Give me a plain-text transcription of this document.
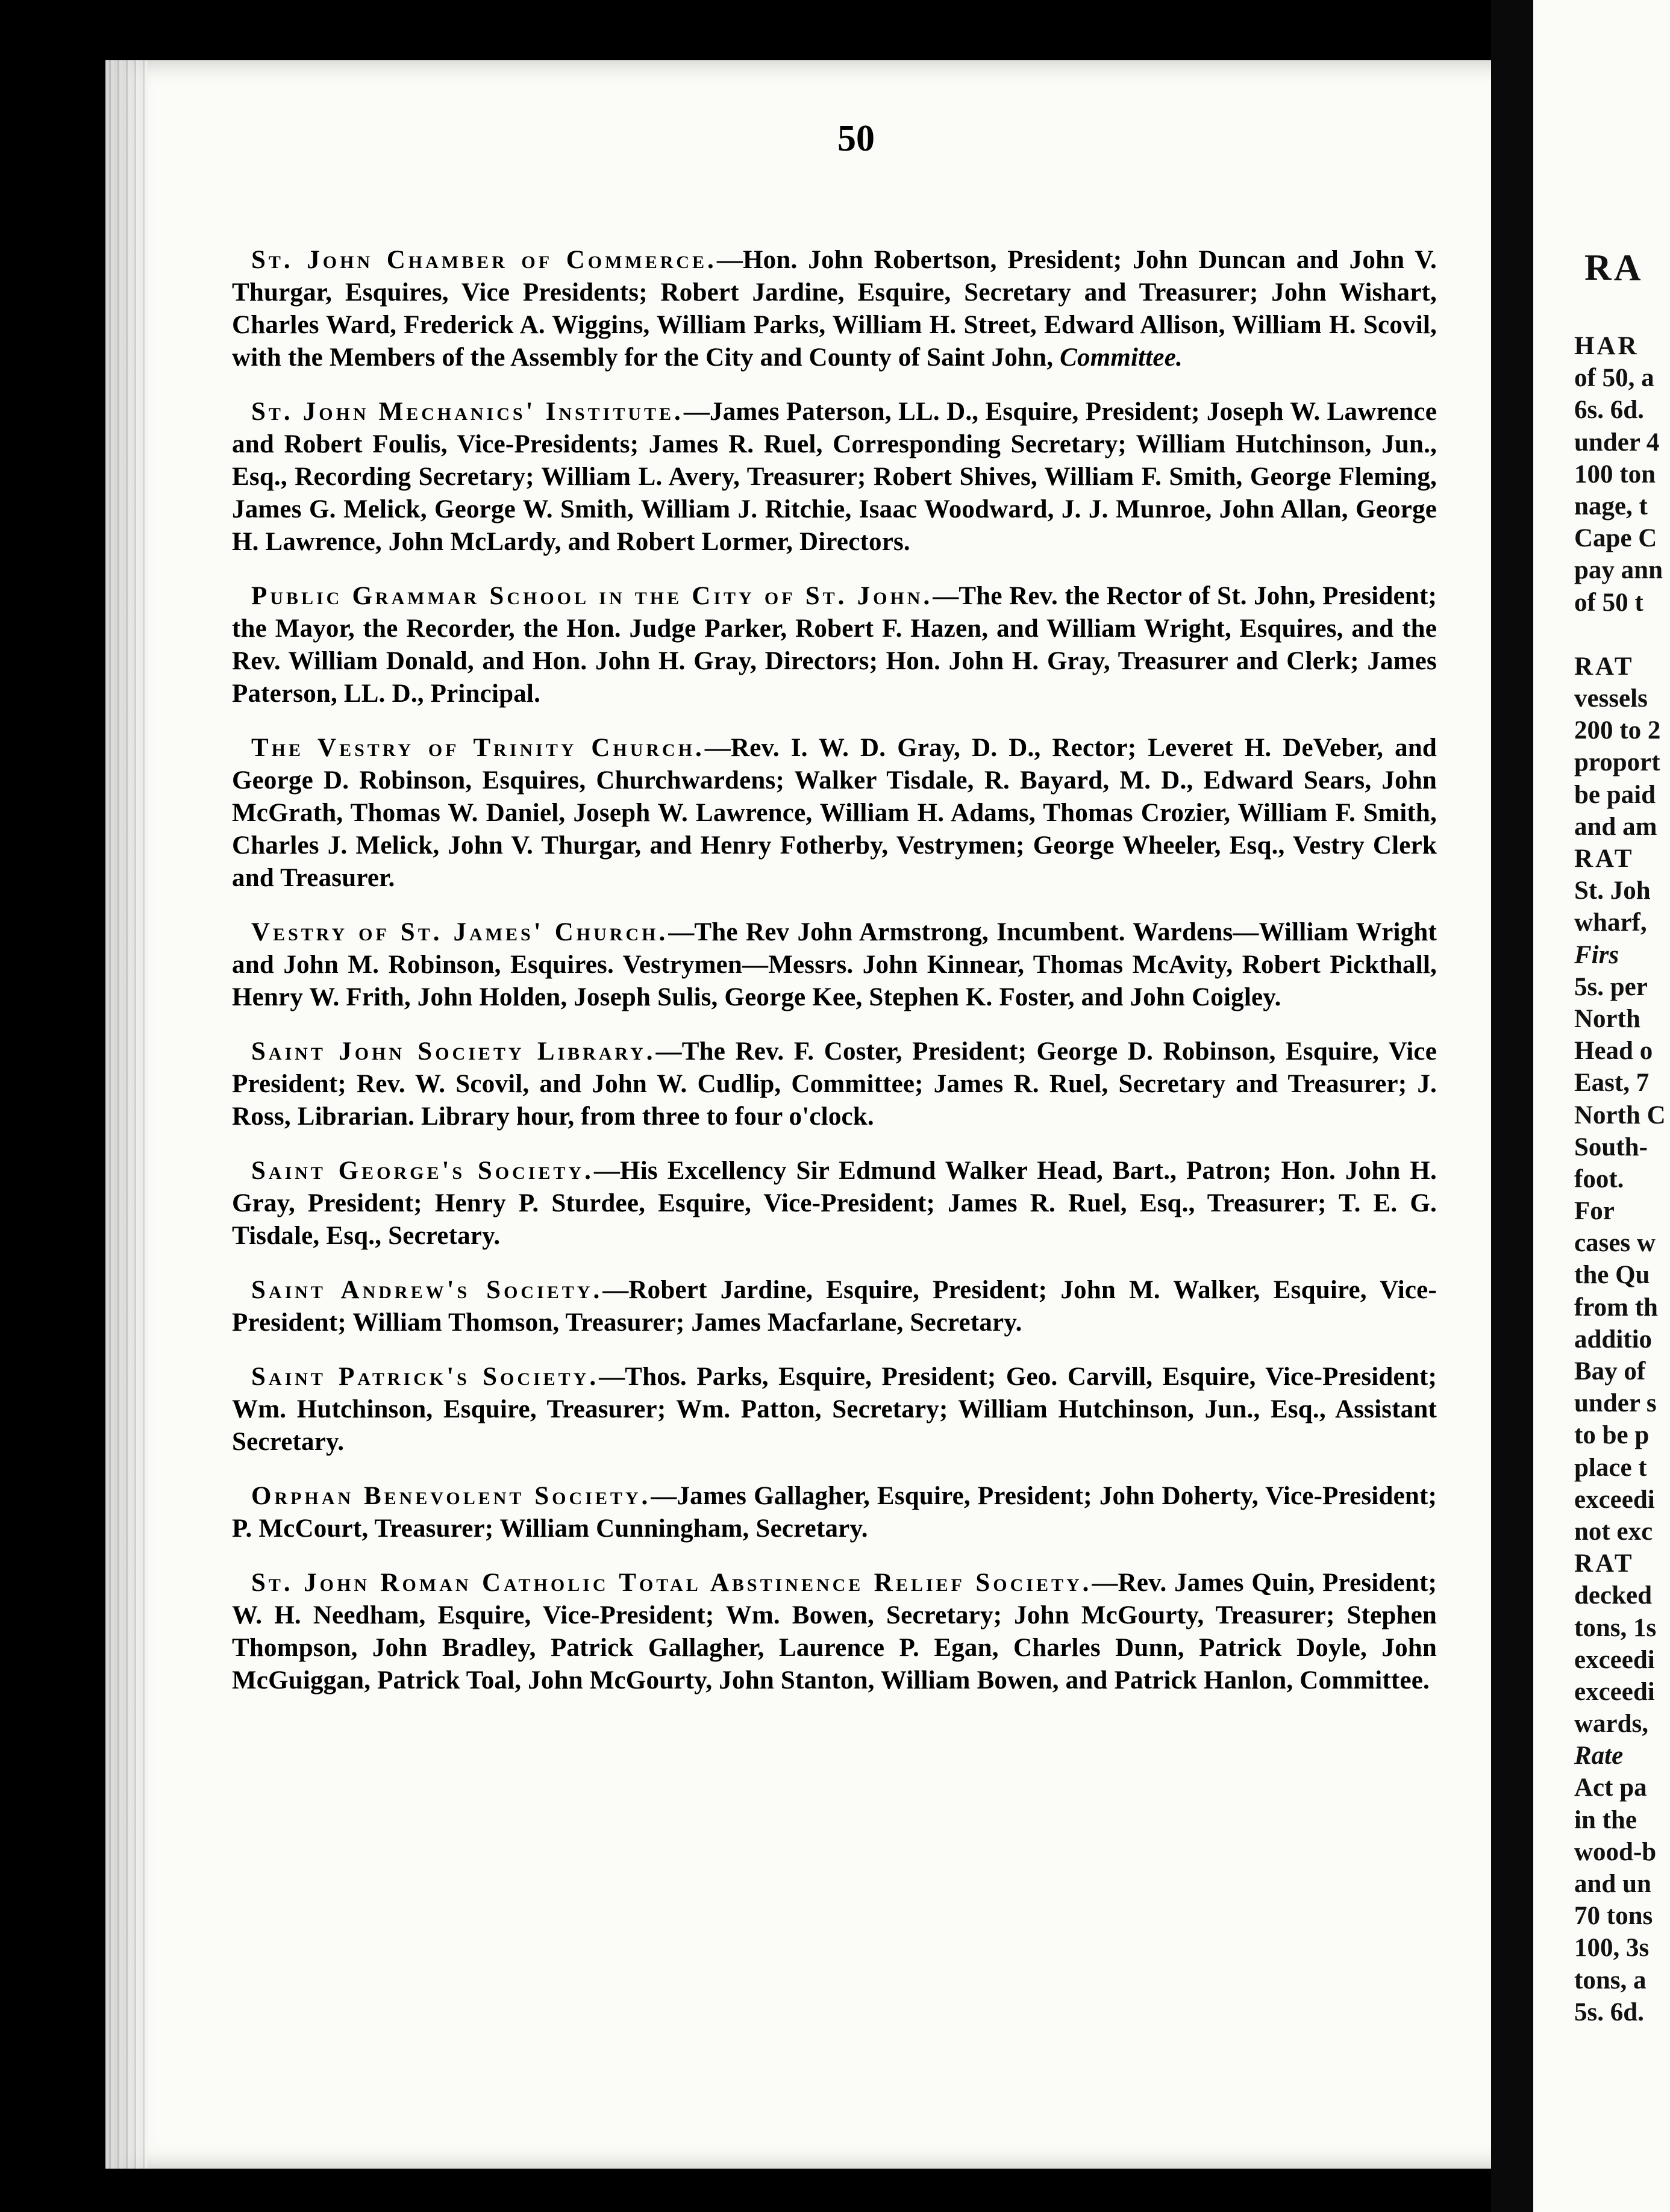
50

St. John Chamber of Commerce.—Hon. John Robertson, President; John Duncan and John V. Thurgar, Esquires, Vice Presidents; Robert Jardine, Esquire, Secretary and Treasurer; John Wishart, Charles Ward, Frederick A. Wiggins, William Parks, William H. Street, Edward Allison, William H. Scovil, with the Members of the Assembly for the City and County of Saint John, Committee.

St. John Mechanics' Institute.—James Paterson, LL. D., Esquire, President; Joseph W. Lawrence and Robert Foulis, Vice-Presidents; James R. Ruel, Corresponding Secretary; William Hutchinson, Jun., Esq., Recording Secretary; William L. Avery, Treasurer; Robert Shives, William F. Smith, George Fleming, James G. Melick, George W. Smith, William J. Ritchie, Isaac Woodward, J. J. Munroe, John Allan, George H. Lawrence, John McLardy, and Robert Lormer, Directors.

Public Grammar School in the City of St. John.—The Rev. the Rector of St. John, President; the Mayor, the Recorder, the Hon. Judge Parker, Robert F. Hazen, and William Wright, Esquires, and the Rev. William Donald, and Hon. John H. Gray, Directors; Hon. John H. Gray, Treasurer and Clerk; James Paterson, LL. D., Principal.

The Vestry of Trinity Church.—Rev. I. W. D. Gray, D. D., Rector; Leveret H. DeVeber, and George D. Robinson, Esquires, Churchwardens; Walker Tisdale, R. Bayard, M. D., Edward Sears, John McGrath, Thomas W. Daniel, Joseph W. Lawrence, William H. Adams, Thomas Crozier, William F. Smith, Charles J. Melick, John V. Thurgar, and Henry Fotherby, Vestrymen; George Wheeler, Esq., Vestry Clerk and Treasurer.

Vestry of St. James' Church.—The Rev John Armstrong, Incumbent. Wardens—William Wright and John M. Robinson, Esquires. Vestrymen—Messrs. John Kinnear, Thomas McAvity, Robert Pickthall, Henry W. Frith, John Holden, Joseph Sulis, George Kee, Stephen K. Foster, and John Coigley.

Saint John Society Library.—The Rev. F. Coster, President; George D. Robinson, Esquire, Vice President; Rev. W. Scovil, and John W. Cudlip, Committee; James R. Ruel, Secretary and Treasurer; J. Ross, Librarian. Library hour, from three to four o'clock.

Saint George's Society.—His Excellency Sir Edmund Walker Head, Bart., Patron; Hon. John H. Gray, President; Henry P. Sturdee, Esquire, Vice-President; James R. Ruel, Esq., Treasurer; T. E. G. Tisdale, Esq., Secretary.

Saint Andrew's Society.—Robert Jardine, Esquire, President; John M. Walker, Esquire, Vice-President; William Thomson, Treasurer; James Macfarlane, Secretary.

Saint Patrick's Society.—Thos. Parks, Esquire, President; Geo. Carvill, Esquire, Vice-President; Wm. Hutchinson, Esquire, Treasurer; Wm. Patton, Secretary; William Hutchinson, Jun., Esq., Assistant Secretary.

Orphan Benevolent Society.—James Gallagher, Esquire, President; John Doherty, Vice-President; P. McCourt, Treasurer; William Cunningham, Secretary.

St. John Roman Catholic Total Abstinence Relief Society.—Rev. James Quin, President; W. H. Needham, Esquire, Vice-President; Wm. Bowen, Secretary; John McGourty, Treasurer; Stephen Thompson, John Bradley, Patrick Gallagher, Laurence P. Egan, Charles Dunn, Patrick Doyle, John McGuiggan, Patrick Toal, John McGourty, John Stanton, William Bowen, and Patrick Hanlon, Committee.

RA
HAR
of 50, a
6s. 6d.
under 4
100 ton
nage, t
Cape C
pay ann
of 50 t
RAT
vessels
200 to 2
proport
be paid
and am
RAT
St. Joh
wharf,
Firs
5s. per
North
Head o
East, 7
North C
South-
foot.
For
cases w
the Qu
from th
additio
Bay of
under s
to be p
place t
exceedi
not exc
RAT
decked
tons, 1s
exceedi
exceedi
wards,
Rate
Act pa
in the
wood-b
and un
70 tons
100, 3s
tons, a
5s. 6d.
